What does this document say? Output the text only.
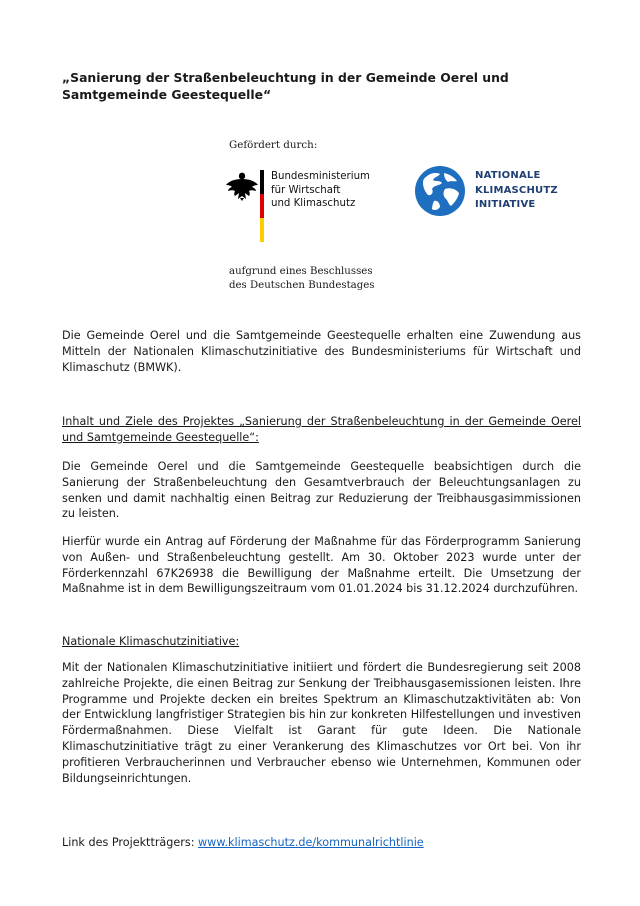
„Sanierung der Straßenbeleuchtung in der Gemeinde Oerel und Samtgemeinde Geestequelle“
Gefördert durch:
Bundesministerium
für Wirtschaft
und Klimaschutz
NATIONALE
KLIMASCHUTZ
INITIATIVE
aufgrund eines Beschlusses
des Deutschen Bundestages
Die Gemeinde Oerel und die Samtgemeinde Geestequelle erhalten eine Zuwendung aus Mitteln der Nationalen Klimaschutzinitiative des Bundesministeriums für Wirtschaft und Klimaschutz (BMWK).
Inhalt und Ziele des Projektes „Sanierung der Straßenbeleuchtung in der Gemeinde Oerel und Samtgemeinde Geestequelle“:
Die Gemeinde Oerel und die Samtgemeinde Geestequelle beabsichtigen durch die Sanierung der Straßenbeleuchtung den Gesamtverbrauch der Beleuchtungsanlagen zu senken und damit nachhaltig einen Beitrag zur Reduzierung der Treibhausgasimmissionen zu leisten.
Hierfür wurde ein Antrag auf Förderung der Maßnahme für das Förderprogramm Sanierung von Außen- und Straßenbeleuchtung gestellt. Am 30. Oktober 2023 wurde unter der Förderkennzahl 67K26938 die Bewilligung der Maßnahme erteilt. Die Umsetzung der Maßnahme ist in dem Bewilligungszeitraum vom 01.01.2024 bis 31.12.2024 durchzuführen.
Nationale Klimaschutzinitiative:
Mit der Nationalen Klimaschutzinitiative initiiert und fördert die Bundesregierung seit 2008 zahlreiche Projekte, die einen Beitrag zur Senkung der Treibhausgasemissionen leisten. Ihre Programme und Projekte decken ein breites Spektrum an Klimaschutzaktivitäten ab: Von der Entwicklung langfristiger Strategien bis hin zur konkreten Hilfestellungen und investiven Fördermaßnahmen. Diese Vielfalt ist Garant für gute Ideen. Die Nationale Klimaschutzinitiative trägt zu einer Verankerung des Klimaschutzes vor Ort bei. Von ihr profitieren Verbraucherinnen und Verbraucher ebenso wie Unternehmen, Kommunen oder Bildungseinrichtungen.
Link des Projektträgers: www.klimaschutz.de/kommunalrichtlinie
